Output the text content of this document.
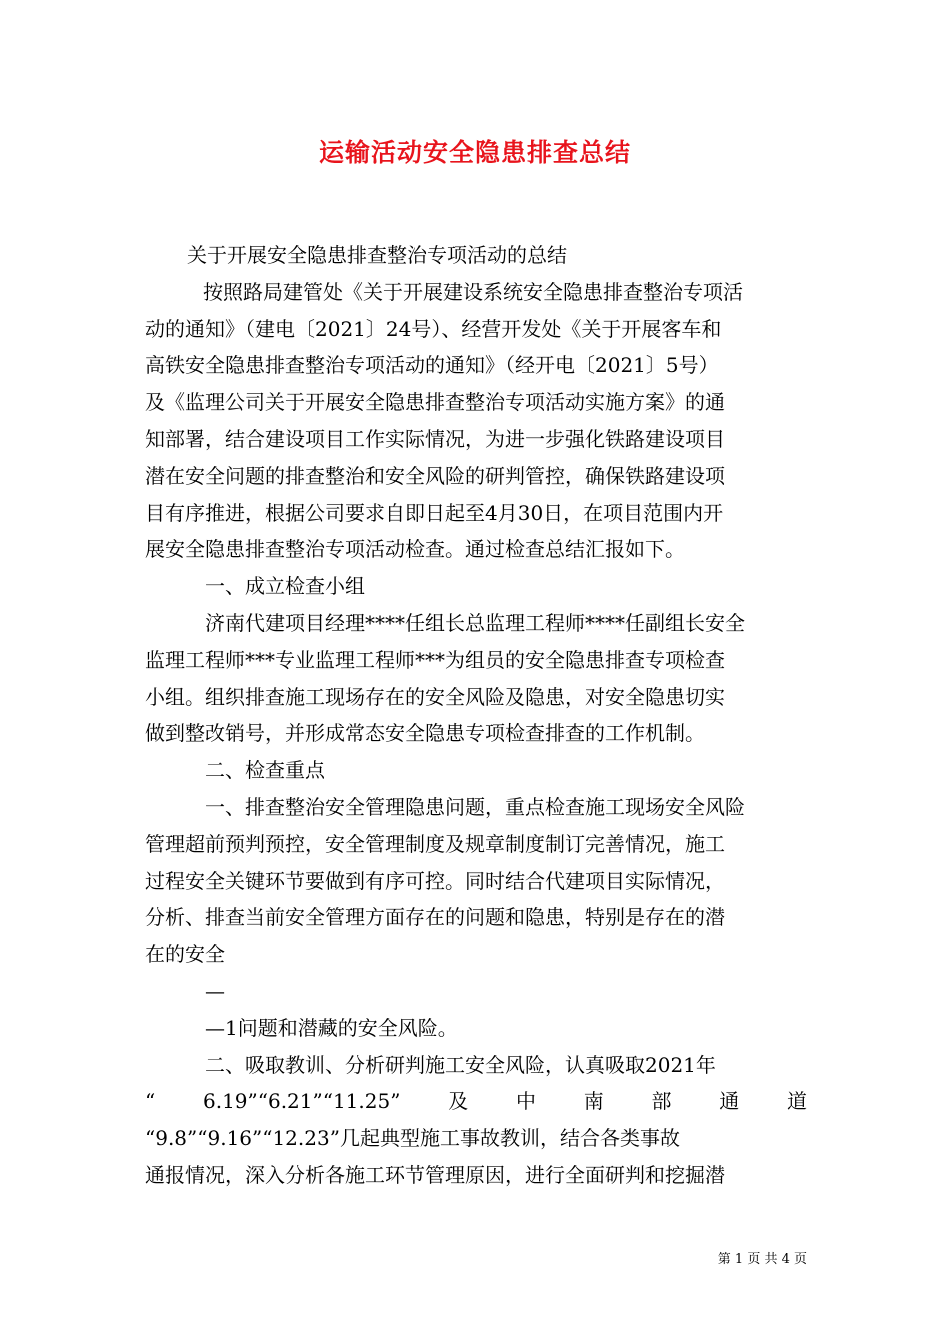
运输活动安全隐患排查总结
关于开展安全隐患排查整治专项活动的总结
按照路局建管处《关于开展建设系统安全隐患排查整治专项活
动的通知》（建电〔2021〕24号）、经营开发处《关于开展客车和
高铁安全隐患排查整治专项活动的通知》（经开电〔2021〕5号）
及《监理公司关于开展安全隐患排查整治专项活动实施方案》的通
知部署，结合建设项目工作实际情况，为进一步强化铁路建设项目
潜在安全问题的排查整治和安全风险的研判管控，确保铁路建设项
目有序推进，根据公司要求自即日起至4月30日，在项目范围内开
展安全隐患排查整治专项活动检查。通过检查总结汇报如下。
一、成立检查小组
济南代建项目经理****任组长总监理工程师****任副组长安全
监理工程师***专业监理工程师***为组员的安全隐患排查专项检查
小组。组织排查施工现场存在的安全风险及隐患，对安全隐患切实
做到整改销号，并形成常态安全隐患专项检查排查的工作机制。
二、检查重点
一、排查整治安全管理隐患问题，重点检查施工现场安全风险
管理超前预判预控，安全管理制度及规章制度制订完善情况，施工
过程安全关键环节要做到有序可控。同时结合代建项目实际情况，
分析、排查当前安全管理方面存在的问题和隐患，特别是存在的潜
在的安全
—
—1问题和潜藏的安全风险。
二、吸取教训、分析研判施工安全风险，认真吸取2021年
“　6.19”“6.21”“11.25”　及　中　南　部　通　道
“9.8”“9.16”“12.23”几起典型施工事故教训，结合各类事故
通报情况，深入分析各施工环节管理原因，进行全面研判和挖掘潜
第 1 页 共 4 页
